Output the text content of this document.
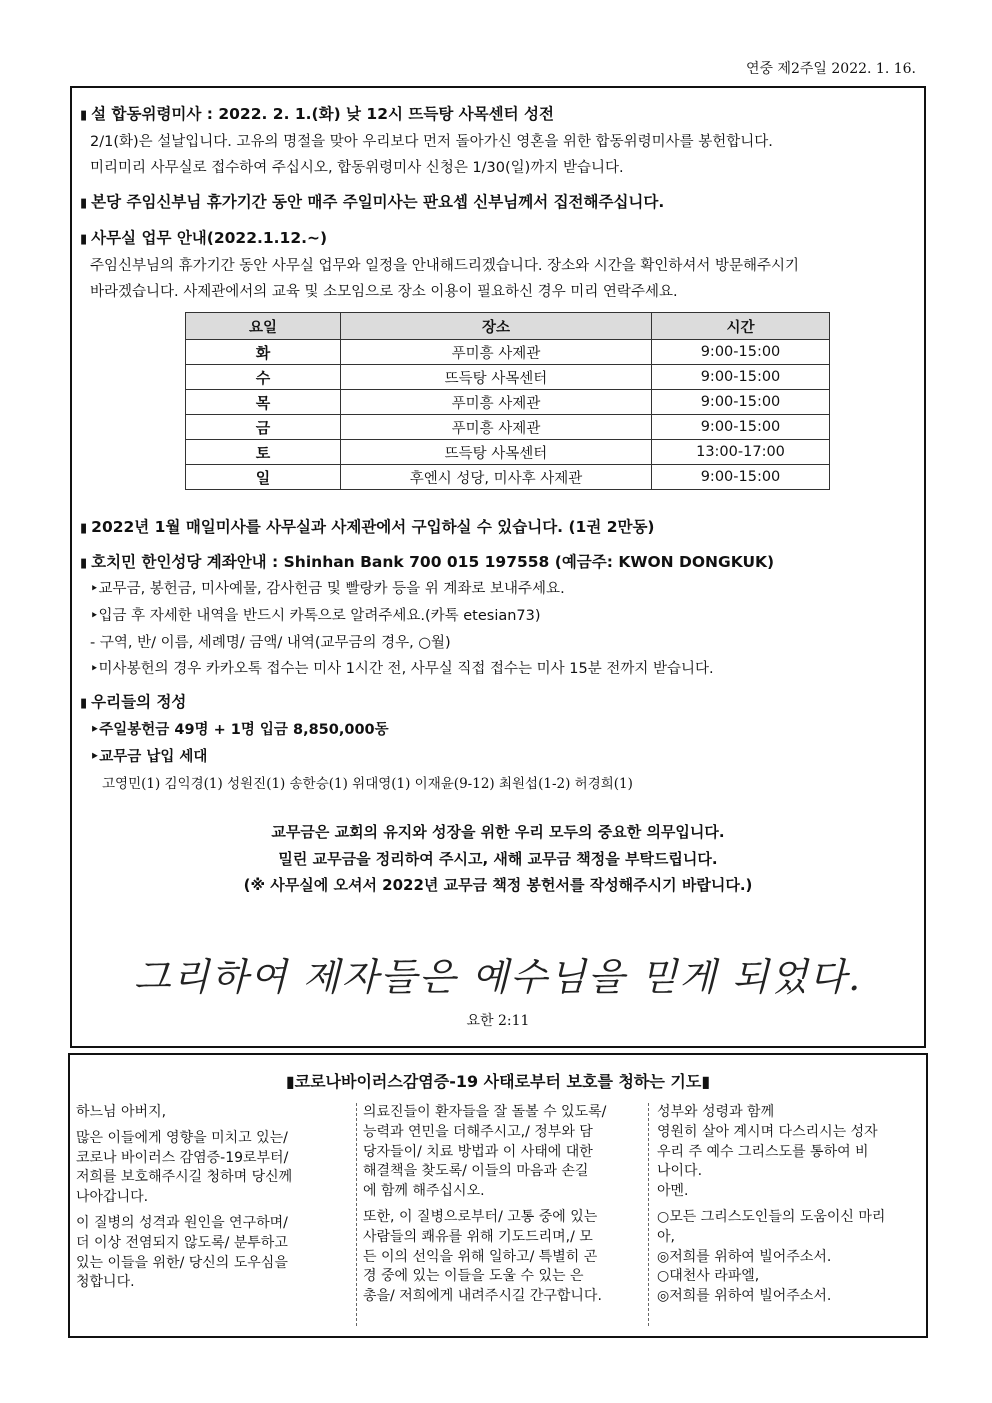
연중 제2주일 2022. 1. 16.
▮ 설 합동위령미사 : 2022. 2. 1.(화) 낮 12시 뜨득탕 사목센터 성전
2/1(화)은 설날입니다. 고유의 명절을 맞아 우리보다 먼저 돌아가신 영혼을 위한 합동위령미사를 봉헌합니다.
미리미리 사무실로 접수하여 주십시오, 합동위령미사 신청은 1/30(일)까지 받습니다.
▮ 본당 주임신부님 휴가기간 동안 매주 주일미사는 판요셉 신부님께서 집전해주십니다.
▮ 사무실 업무 안내(2022.1.12.~)
주임신부님의 휴가기간 동안 사무실 업무와 일정을 안내해드리겠습니다. 장소와 시간을 확인하셔서 방문해주시기
바라겠습니다. 사제관에서의 교육 및 소모임으로 장소 이용이 필요하신 경우 미리 연락주세요.
요일	장소	시간
화	푸미흥 사제관	9:00-15:00
수	뜨득탕 사목센터	9:00-15:00
목	푸미흥 사제관	9:00-15:00
금	푸미흥 사제관	9:00-15:00
토	뜨득탕 사목센터	13:00-17:00
일	후엔시 성당, 미사후 사제관	9:00-15:00
▮ 2022년 1월 매일미사를 사무실과 사제관에서 구입하실 수 있습니다. (1권 2만동)
▮ 호치민 한인성당 계좌안내 : Shinhan Bank 700 015 197558 (예금주: KWON DONGKUK)
‣교무금, 봉헌금, 미사예물, 감사헌금 및 빨랑카 등을 위 계좌로 보내주세요.
‣입금 후 자세한 내역을 반드시 카톡으로 알려주세요.(카톡 etesian73)
- 구역, 반/ 이름, 세례명/ 금액/ 내역(교무금의 경우, ○월)
‣미사봉헌의 경우 카카오톡 접수는 미사 1시간 전, 사무실 직접 접수는 미사 15분 전까지 받습니다.
▮ 우리들의 정성
‣주일봉헌금 49명 + 1명 입금 8,850,000동
‣교무금 납입 세대
고영민(1) 김익경(1) 성원진(1) 송한승(1) 위대영(1) 이재윤(9-12) 최원섭(1-2) 허경희(1)
교무금은 교회의 유지와 성장을 위한 우리 모두의 중요한 의무입니다.
밀린 교무금을 정리하여 주시고, 새해 교무금 책정을 부탁드립니다.
(※ 사무실에 오셔서 2022년 교무금 책정 봉헌서를 작성해주시기 바랍니다.)
그리하여 제자들은 예수님을 믿게 되었다.
요한 2:11
▮코로나바이러스감염증-19 사태로부터 보호를 청하는 기도▮

하느님 아버지,

많은 이들에게 영향을 미치고 있는/
코로나 바이러스 감염증-19로부터/
저희를 보호해주시길 청하며 당신께
나아갑니다.

이 질병의 성격과 원인을 연구하며/
더 이상 전염되지 않도록/ 분투하고
있는 이들을 위한/ 당신의 도우심을
청합니다.

의료진들이 환자들을 잘 돌볼 수 있도록/
능력과 연민을 더해주시고,/ 정부와 담
당자들이/ 치료 방법과 이 사태에 대한
해결책을 찾도록/ 이들의 마음과 손길
에 함께 해주십시오.

또한, 이 질병으로부터/ 고통 중에 있는
사람들의 쾌유를 위해 기도드리며,/ 모
든 이의 선익을 위해 일하고/ 특별히 곤
경 중에 있는 이들을 도울 수 있는 은
총을/ 저희에게 내려주시길 간구합니다.

성부와 성령과 함께
영원히 살아 계시며 다스리시는 성자
우리 주 예수 그리스도를 통하여 비
나이다.
아멘.

○모든 그리스도인들의 도움이신 마리
아,
◎저희를 위하여 빌어주소서.
○대천사 라파엘,
◎저희를 위하여 빌어주소서.
